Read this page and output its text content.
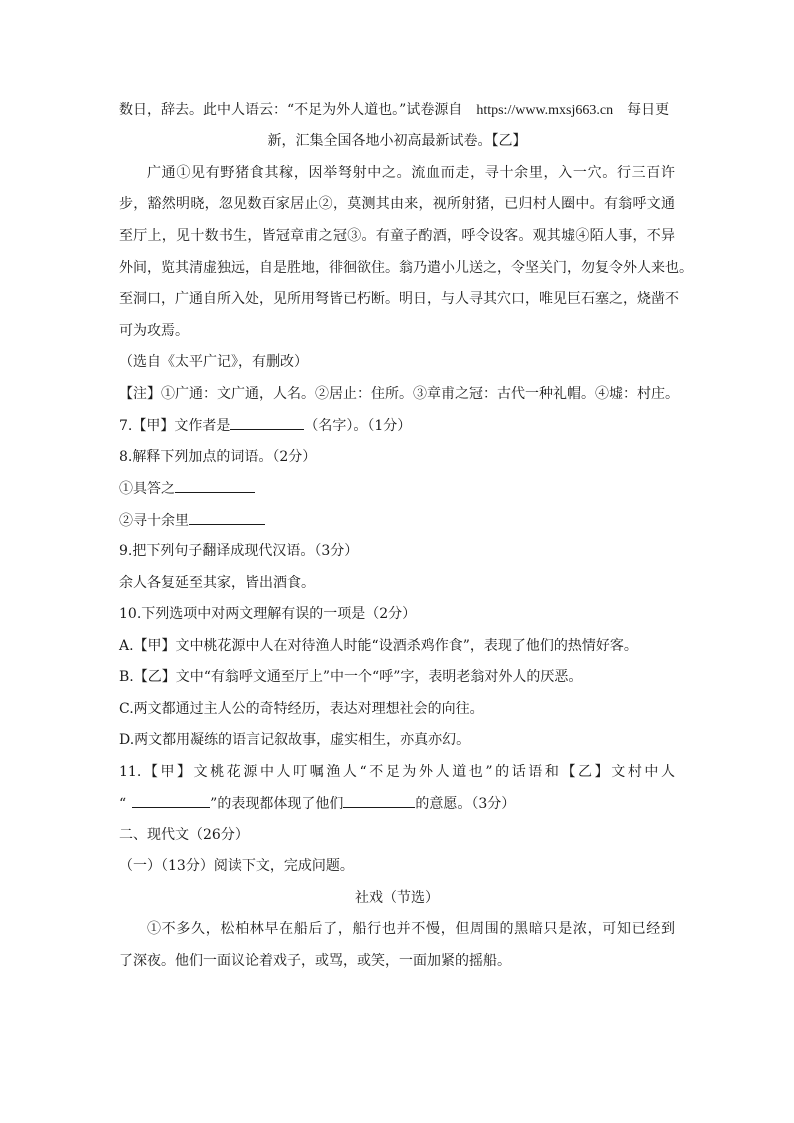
数日，辞去。此中人语云：“不足为外人道也。”试卷源自 https://www.mxsj663.cn 每日更
新，汇集全国各地小初高最新试卷。【乙】
广通①见有野猪食其稼，因举弩射中之。流血而走，寻十余里，入一穴。行三百许
步，豁然明晓，忽见数百家居止②，莫测其由来，视所射猪，已归村人圈中。有翁呼文通
至厅上，见十数书生，皆冠章甫之冠③。有童子酌酒，呼令设客。观其墟④陌人事，不异
外间，览其清虚独远，自是胜地，徘徊欲住。翁乃遣小儿送之，令坚关门，勿复令外人来也。
至洞口，广通自所入处，见所用弩皆已朽断。明日，与人寻其穴口，唯见巨石塞之，烧凿不
可为攻焉。
（选自《太平广记》，有删改）
【注】①广通：文广通，人名。②居止：住所。③章甫之冠：古代一种礼帽。④墟：村庄。
7.【甲】文作者是	（名字）。（1分）
8.解释下列加点的词语。（2分）
①具答之
②寻十余里
9.把下列句子翻译成现代汉语。（3分）
余人各复延至其家，皆出酒食。
10.下列选项中对两文理解有误的一项是（2分）
A.【甲】文中桃花源中人在对待渔人时能“设酒杀鸡作食”，表现了他们的热情好客。
B.【乙】文中“有翁呼文通至厅上”中一个“呼”字，表明老翁对外人的厌恶。
C.两文都通过主人公的奇特经历，表达对理想社会的向往。
D.两文都用凝练的语言记叙故事，虚实相生，亦真亦幻。
11.【甲】文桃花源中人叮嘱渔人“不足为外人道也”的话语和【乙】文村中人
“	”的表现都体现了他们	的意愿。（3分）
二、现代文（26分）
（一）（13分）阅读下文，完成问题。
社戏（节选）
①不多久，松柏林早在船后了，船行也并不慢，但周围的黑暗只是浓，可知已经到
了深夜。他们一面议论着戏子，或骂，或笑，一面加紧的摇船。
